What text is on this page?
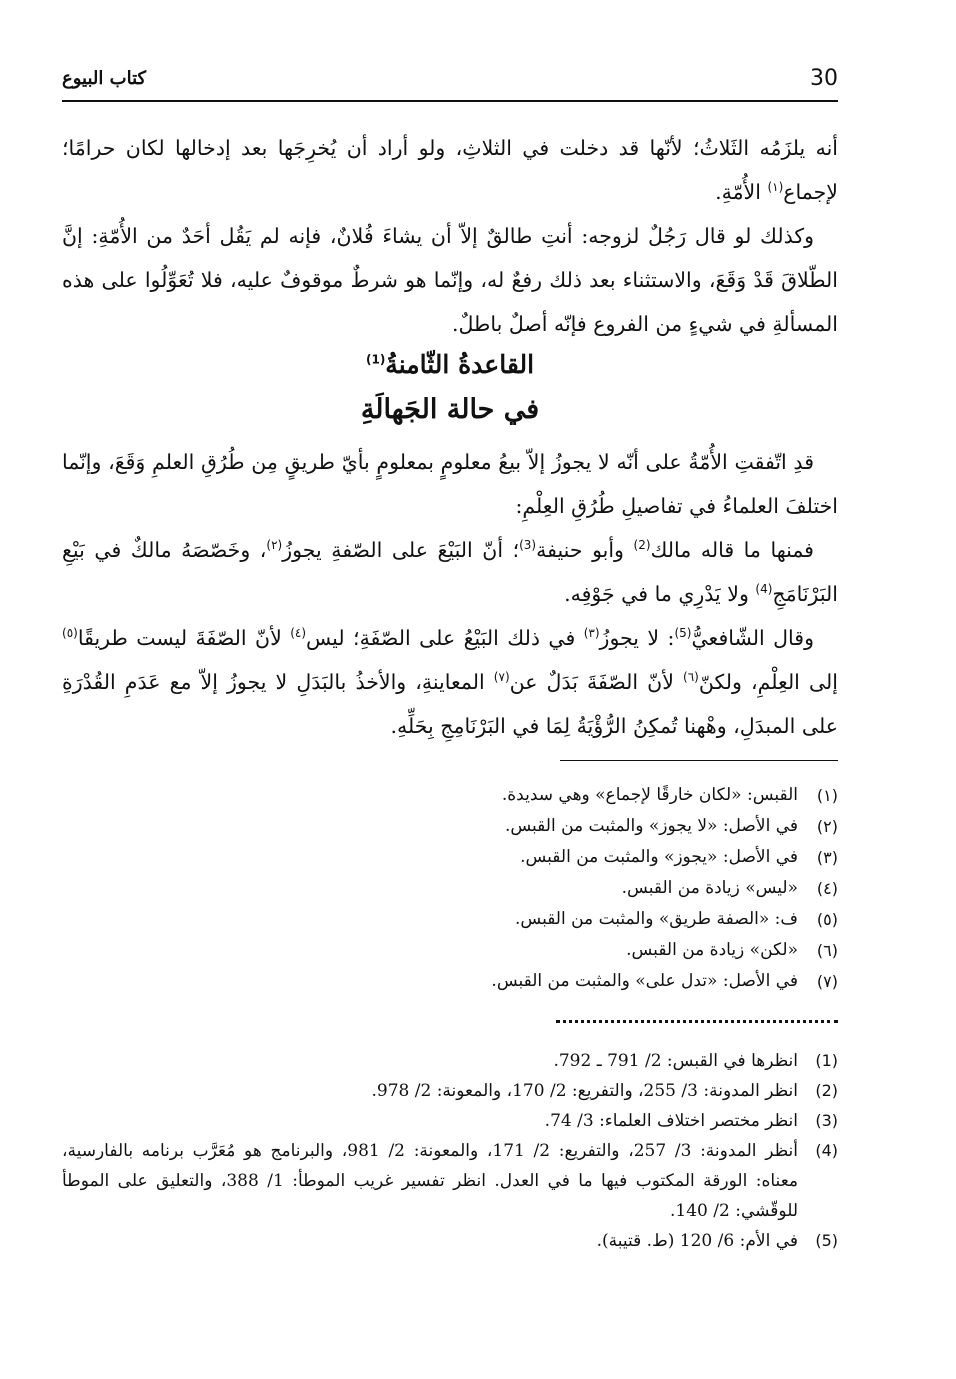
30
كتاب البيوع

أنه يلزَمُه الثَلاثُ؛ لأنّها قد دخلت في الثلاثِ، ولو أراد أن يُخرِجَها بعد إدخالها لكان حرامًا؛ لإجماع$^{(١)}$ الأُمّةِ.

وكذلك لو قال رَجُلٌ لزوجه: أنتِ طالقٌ إلاّ أن يشاءَ فُلانٌ، فإنه لم يَقُل أحَدٌ من الأُمّةِ: إنَّ الطّلاقَ قَدْ وَقَعَ، والاستثناء بعد ذلك رفعٌ له، وإنّما هو شرطٌ موقوفٌ عليه، فلا تُعَوِّلُوا على هذه المسألةِ في شيءٍ من الفروع فإنّه أصلٌ باطلٌ.

القاعدةُ الثّامنةُ$^{(1)}$
في حالة الجَهالَةِ

قدِ اتّفقتِ الأُمّةُ على أنّه لا يجوزُ إلاّ بيعُ معلومٍ بمعلومٍ بأيّ طريقٍ مِن طُرُقِ العلمِ وَقَعَ، وإنّما اختلفَ العلماءُ في تفاصيلِ طُرُقِ العِلْمِ:

فمنها ما قاله مالك$^{(2)}$ وأبو حنيفة$^{(3)}$؛ أنّ البَيْعَ على الصّفةِ يجوزُ$^{(٢)}$، وخَصّصَهُ مالكٌ في بَيْعِ البَرْنَامَجِ$^{(4)}$ ولا يَدْرِي ما في جَوْفِه.

وقال الشّافعيُّ$^{(5)}$: لا يجوزُ$^{(٣)}$ في ذلك البَيْعُ على الصّفَةِ؛ ليس$^{(٤)}$ لأنّ الصّفَةَ ليست طريقًا$^{(٥)}$ إلى العِلْمِ، ولكنّ$^{(٦)}$ لأنّ الصّفَةَ بَدَلٌ عن$^{(٧)}$ المعاينةِ، والأخذُ بالبَدَلِ لا يجوزُ إلاّ مع عَدَمِ القُدْرَةِ على المبدَلِ، وهْهنا تُمكِنُ الرُّؤْيَةُ لِمَا في البَرْنَامِجِ بِحَلِّهِ.

(١)
القبس: «لكان خارقًا لإجماع» وهي سديدة.
(٢)
في الأصل: «لا يجوز» والمثبت من القبس.
(٣)
في الأصل: «يجوز» والمثبت من القبس.
(٤)
«ليس» زيادة من القبس.
(٥)
ف: «الصفة طريق» والمثبت من القبس.
(٦)
«لكن» زيادة من القبس.
(٧)
في الأصل: «تدل على» والمثبت من القبس.
(1)
انظرها في القبس: 2/ 791 ـ 792.
(2)
انظر المدونة: 3/ 255، والتفريع: 2/ 170، والمعونة: 2/ 978.
(3)
انظر مختصر اختلاف العلماء: 3/ 74.
(4)
أنظر المدونة: 3/ 257، والتفريع: 2/ 171، والمعونة: 2/ 981، والبرنامج هو مُعَرَّب برنامه بالفارسية، معناه: الورقة المكتوب فيها ما في العدل. انظر تفسير غريب الموطأ: 1/ 388، والتعليق على الموطأ للوقّشي: 2/ 140.
(5)
في الأم: 6/ 120 (ط. قتيبة).
